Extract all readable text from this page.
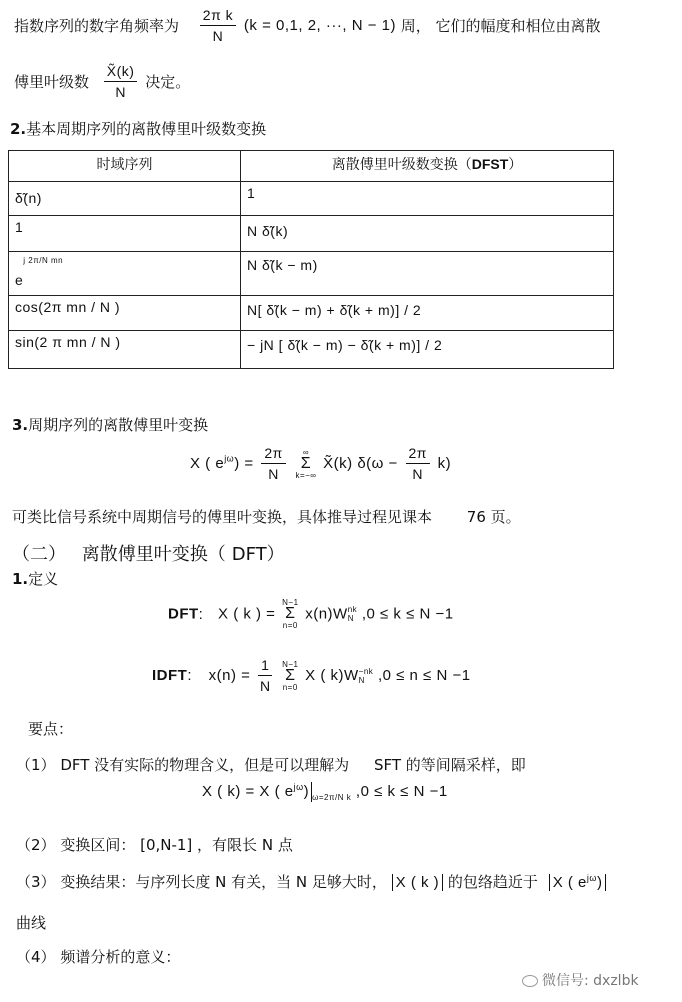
指数序列的数字角频率为 $\frac{\text{2π k}}{N} (k = 0,1$, 2, ···, N − 1) 周， 它们的幅度和相位由离散
傅里叶级数 $\frac{X̃(k)}{N}$ 决定。
2.基本周期序列的离散傅里叶级数变换
时域序列	离散傅里叶级数变换（DFST）
δ̃(n)	1
1	N δ̃(k)
$e^{j 2\pi/N mn}$	N δ̃(k − m)
cos(2π mn / N )	N[ δ̃(k − m) + δ̃(k + m)] / 2
sin(2 π mn / N )	− jN [ δ̃(k − m) − δ̃(k + m)] / 2
3.周期序列的离散傅里叶变换
X ( $e^{j\omega}) = \frac{2\pi}{N}$
∞
Σ
k=−∞
X̃(k) $\delta(\omega - \frac{2\pi}{N} k)$
可类比信号系统中周期信号的傅里叶变换，具体推导过程见课本 76 页。
（二） 离散傅里叶变换（ DFT）
1.定义
DFT: X ( k ) =
N−1
Σ
n=0
x(n)W nk
N ,0 ≤ k ≤ N −1
IDFT: $x(n) = \frac{1}{N}$
N−1
Σ
n=0
X ( k)W −nk
N ,0 ≤ n ≤ N −1
要点：
（1） DFT 没有实际的物理含义，但是可以理解为 SFT 的等间隔采样，即
X ( k) = X ( $e^{j\omega}$) $_{\omega=2\pi/N k}$ ,0 ≤ k ≤ N −1
（2） 变换区间： [0,N-1] ，有限长 N 点
（3） 变换结果：与序列长度 N 有关，当 N 足够大时， X ( k ) 的包络趋近于 X ( $e^{j\omega}$)
曲线
（4） 频谱分析的意义：
微信号: dxzlbk
